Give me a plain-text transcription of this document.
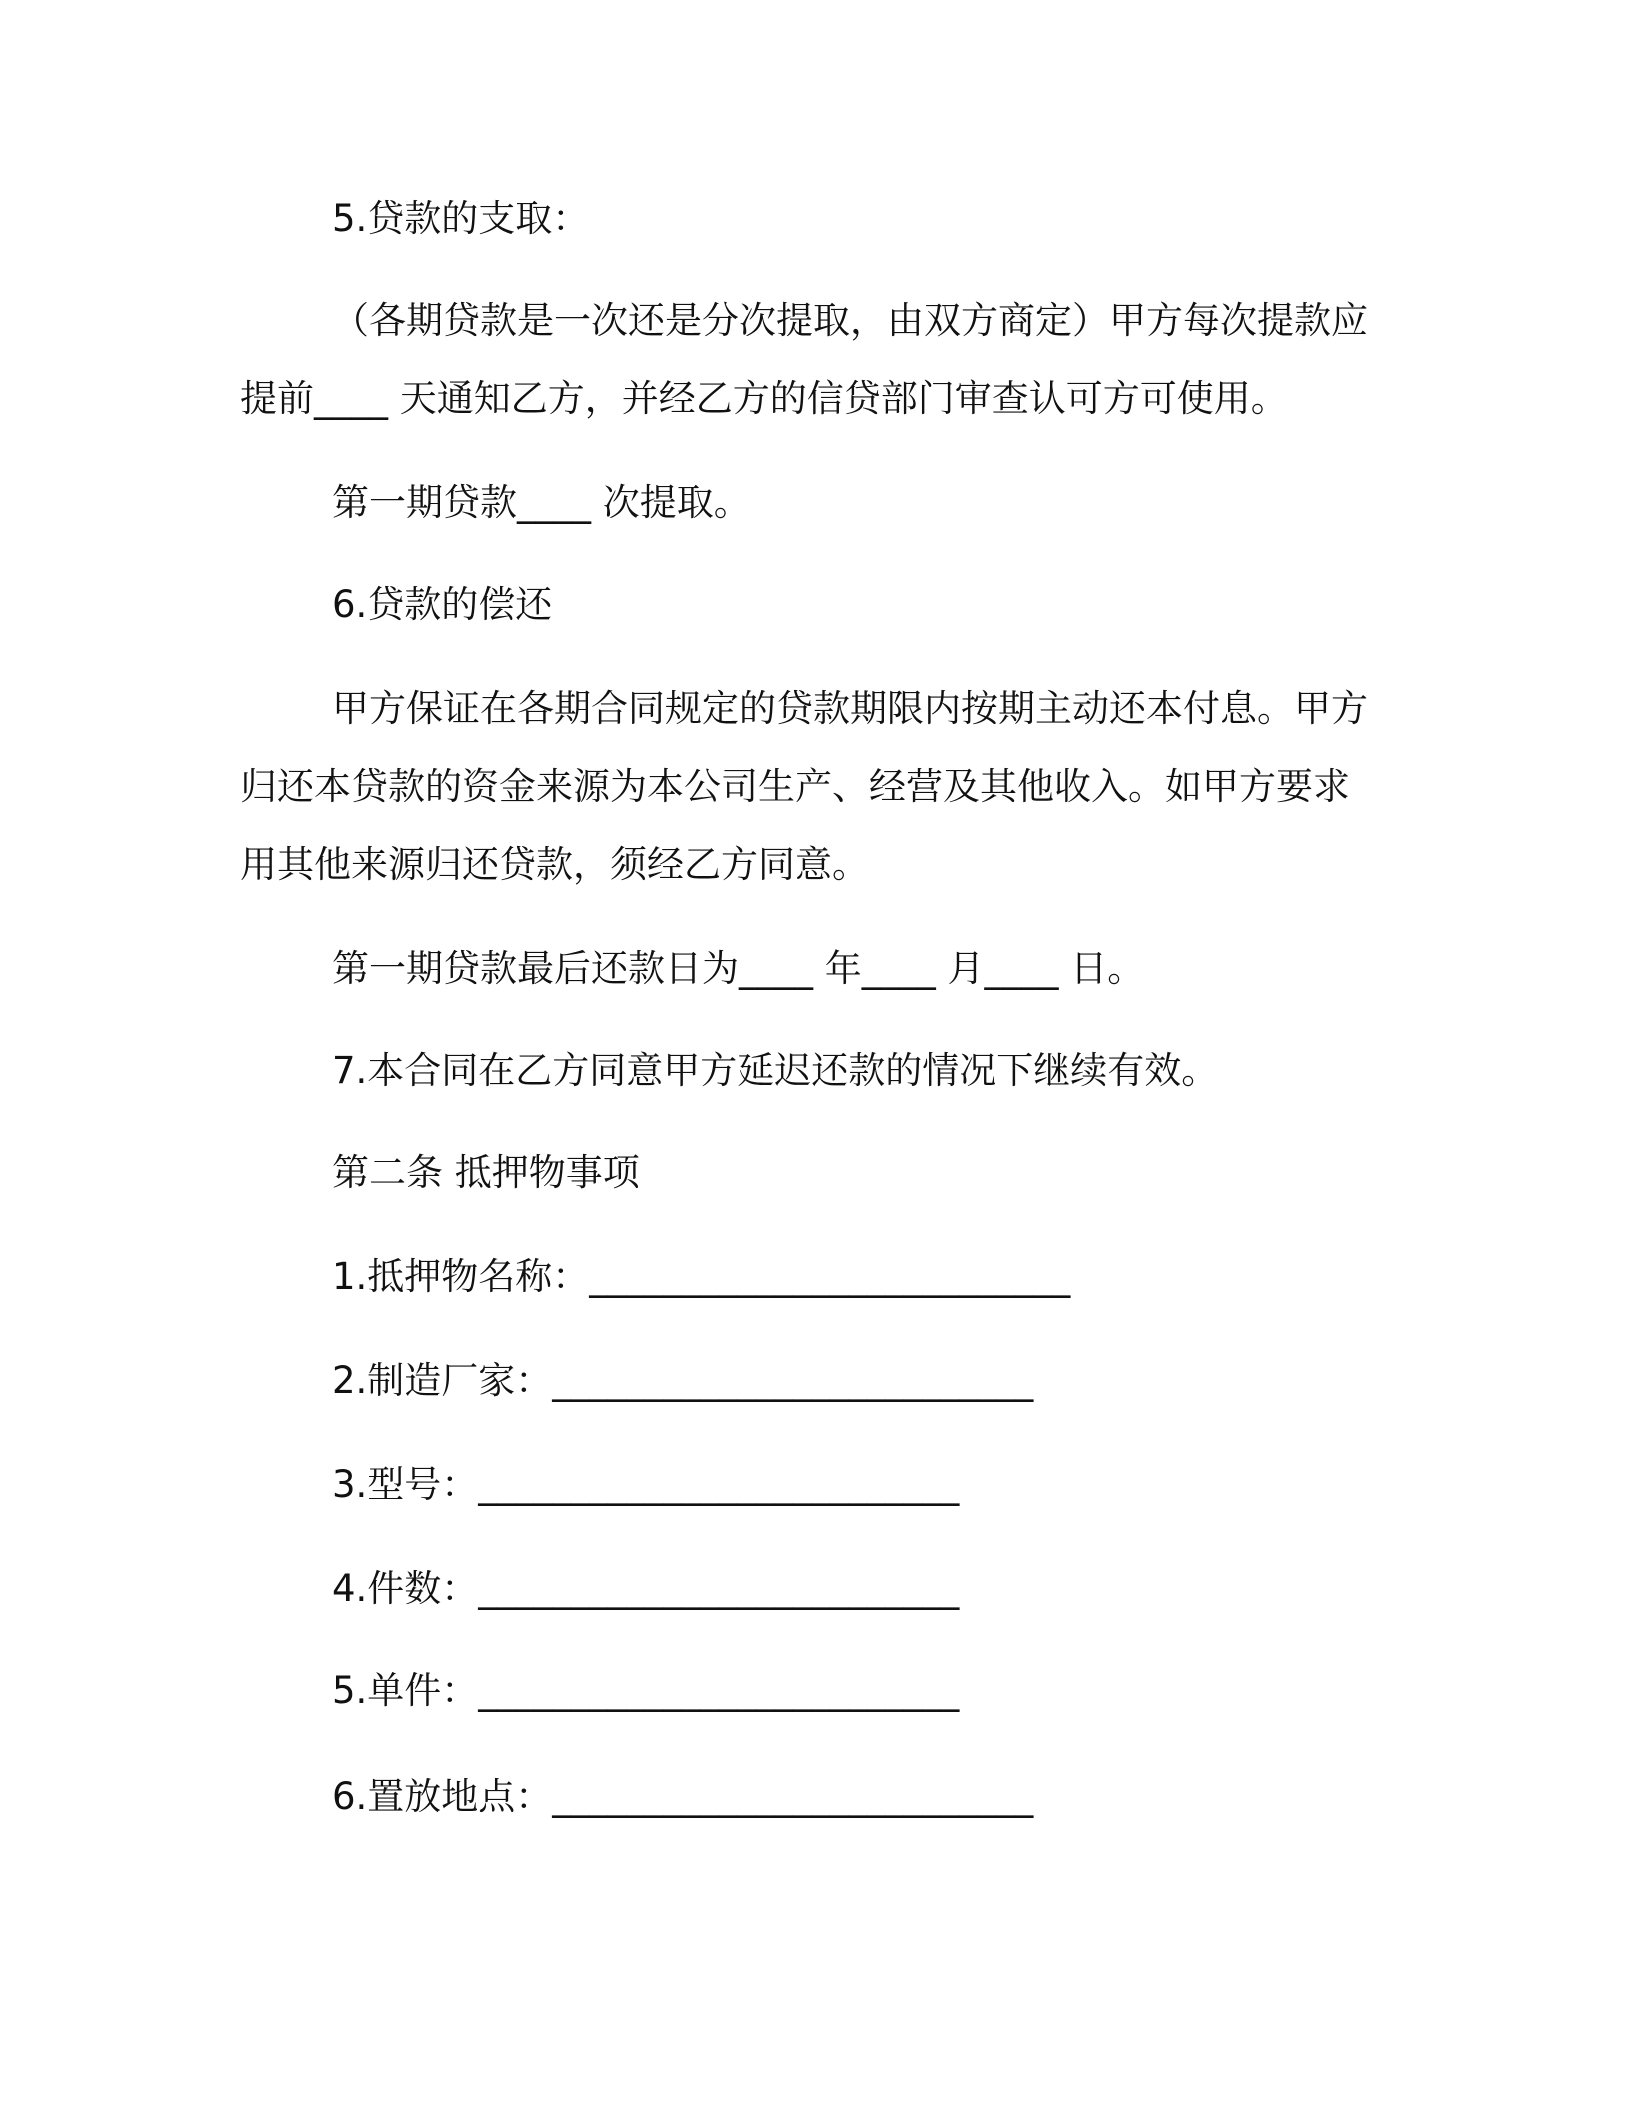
5.贷款的支取：

（各期贷款是一次还是分次提取，由双方商定）甲方每次提款应

提前____ 天通知乙方，并经乙方的信贷部门审查认可方可使用。

第一期贷款____ 次提取。

6.贷款的偿还

甲方保证在各期合同规定的贷款期限内按期主动还本付息。甲方

归还本贷款的资金来源为本公司生产、经营及其他收入。如甲方要求

用其他来源归还贷款，须经乙方同意。

第一期贷款最后还款日为____ 年____ 月____ 日。

7.本合同在乙方同意甲方延迟还款的情况下继续有效。

第二条 抵押物事项

1.抵押物名称：__________________________

2.制造厂家：__________________________

3.型号：__________________________

4.件数：__________________________

5.单件：__________________________

6.置放地点：__________________________
